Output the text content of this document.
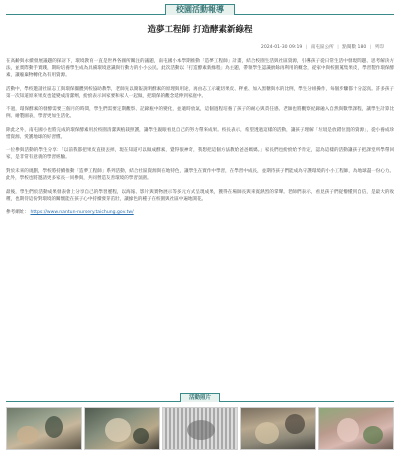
校園活動報導
造夢工程師 打造酵素新綠程
2024-01-30 09:19 | 南屯區公所 | 點閱數 180 | 列印

在高齡與永續發展議題的探討下，環境教育一直是世界各國所關注的議題，南屯國小本學期推動「造夢工程師」計畫，結合校園生活與社區資源，引導孩子從日常生活中發現問題、思考解決方法，並實際動手實踐，期盼培養學生成為具備環境意識與行動力的小小公民。此次活動以「打造酵素新綠程」為主題，帶領學生認識廚餘再利用的概念，從家中與校園蒐集果皮，學習製作環保酵素，讓廢棄物轉化為有用資源。

活動中，學校邀請社區志工與環保團體到校協助教學，老師先以簡報說明酵素的原理與用途，再由志工示範切果皮、秤重、加入黑糖與水的比例，學生分組操作，每個步驟都十分認真。許多孩子第一次知道原來果皮也能變成清潔劑，紛紛表示回家要和家人一起做，把環保的觀念延伸到家庭中。

不過，環保酵素的發酵需要三個月的時間，學生們需要定期觀察、記錄瓶中的變化，並適時放氣，這個過程培養了孩子的耐心與責任感。老師也將觀察紀錄融入自然與數學課程，讓學生計算比例、繪製圖表，學習更加生活化。

除此之外，南屯國小也將完成的環保酵素用於校園清潔與植栽照護，讓學生親眼看見自己的努力帶來成果。校長表示，希望透過這樣的活動，讓孩子理解「垃圾是放錯位置的資源」，從小養成珍惜資源、愛護地球的好習慣。

一位參與活動的學生分享：「以前我都把果皮直接丟掉，現在知道可以做成酵素，覺得很神奇，我想把這個方法教給爸爸媽媽。」家長們也紛紛給予肯定，認為這樣的活動讓孩子把課堂所學帶回家，是非常有意義的學習經驗。

對於未來的規劃，學校將持續推動「造夢工程師」系列活動，結合社區資源與在地特色，讓學生在實作中學習，在學習中成長，並期待孩子們能成為守護環境的小小工程師，為地球盡一份心力。此外，學校也將邀請更多家長一同參與，共同營造友善環境的學習氛圍。

最後，學生們於活動成果發表會上分享自己的學習歷程，以海報、影片與實物展示等多元方式呈現成果，獲得在場師長與來賓熱烈的掌聲。老師們表示，看見孩子們從懵懂到自信，是最大的收穫，也期待這份對環境的關懷能在孩子心中持續發芽茁壯，讓綠色的種子在校園與社區中遍地開花。

參考網址： https://www.nantun-nursery.taichung.gov.tw/

活動照片
